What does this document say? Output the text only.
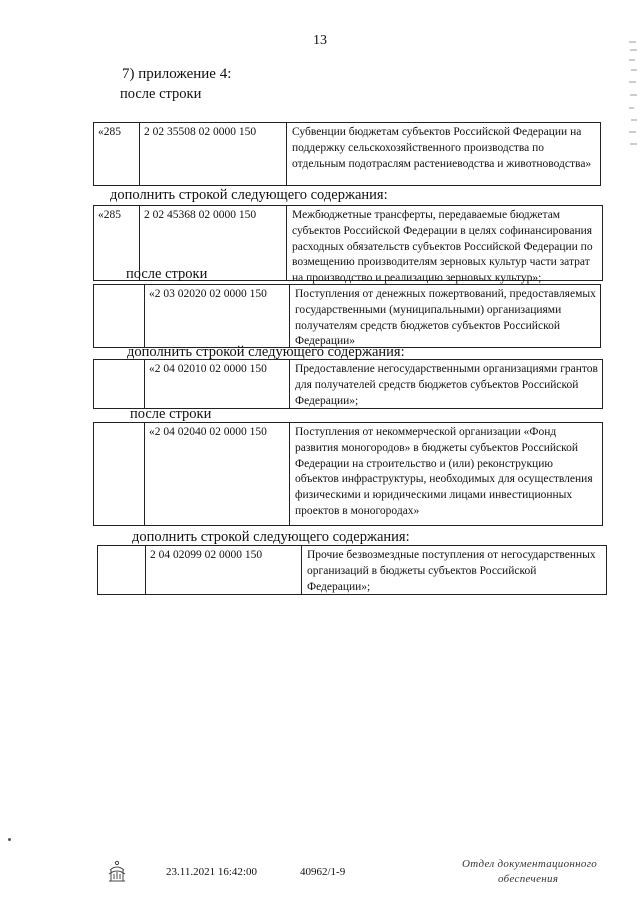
13
7) приложение 4:
после строки
«285	2 02 35508 02 0000 150	Субвенции бюджетам субъектов Российской Федерации на поддержку сельскохозяйственного производства по отдельным подотраслям растениеводства и животноводства»
дополнить строкой следующего содержания:
«285	2 02 45368 02 0000 150	Межбюджетные трансферты, передаваемые бюджетам субъектов Российской Федерации в целях софинансирования расходных обязательств субъектов Российской Федерации по возмещению производителям зерновых культур части затрат на производство и реализацию зерновых культур»;
после строки
«2 03 02020 02 0000 150	Поступления от денежных пожертвований, предоставляемых государственными (муниципальными) организациями получателям средств бюджетов субъектов Российской Федерации»
дополнить строкой следующего содержания:
«2 04 02010 02 0000 150	Предоставление негосударственными организациями грантов для получателей средств бюджетов субъектов Российской Федерации»;
после строки
«2 04 02040 02 0000 150	Поступления от некоммерческой организации «Фонд развития моногородов» в бюджеты субъектов Российской Федерации на строительство и (или) реконструкцию объектов инфраструктуры, необходимых для осуществления физическими и юридическими лицами инвестиционных проектов в моногородах»
дополнить строкой следующего содержания:
2 04 02099 02 0000 150	Прочие безвозмездные поступления от негосударственных организаций в бюджеты субъектов Российской Федерации»;
23.11.2021 16:42:00	40962/1-9
Отдел документационного
обеспечения
